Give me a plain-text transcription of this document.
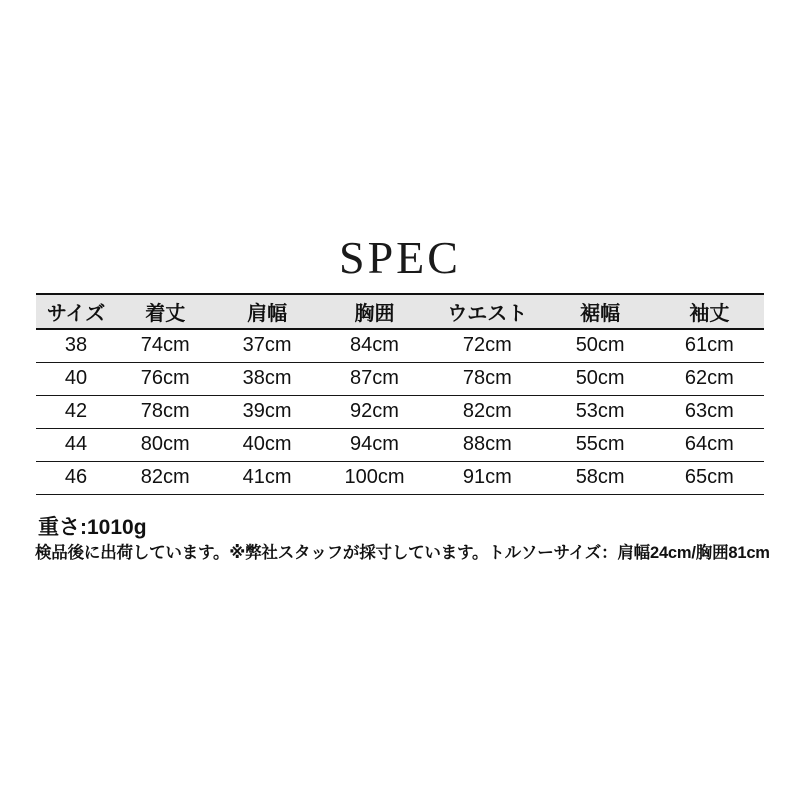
SPEC
サイズ	着丈	肩幅	胸囲	ウエスト	裾幅	袖丈
38	74cm	37cm	84cm	72cm	50cm	61cm
40	76cm	38cm	87cm	78cm	50cm	62cm
42	78cm	39cm	92cm	82cm	53cm	63cm
44	80cm	40cm	94cm	88cm	55cm	64cm
46	82cm	41cm	100cm	91cm	58cm	65cm
重さ:1010g
検品後に出荷しています。※弊社スタッフが採寸しています。トルソーサイズ：肩幅24cm/胸囲81cm
